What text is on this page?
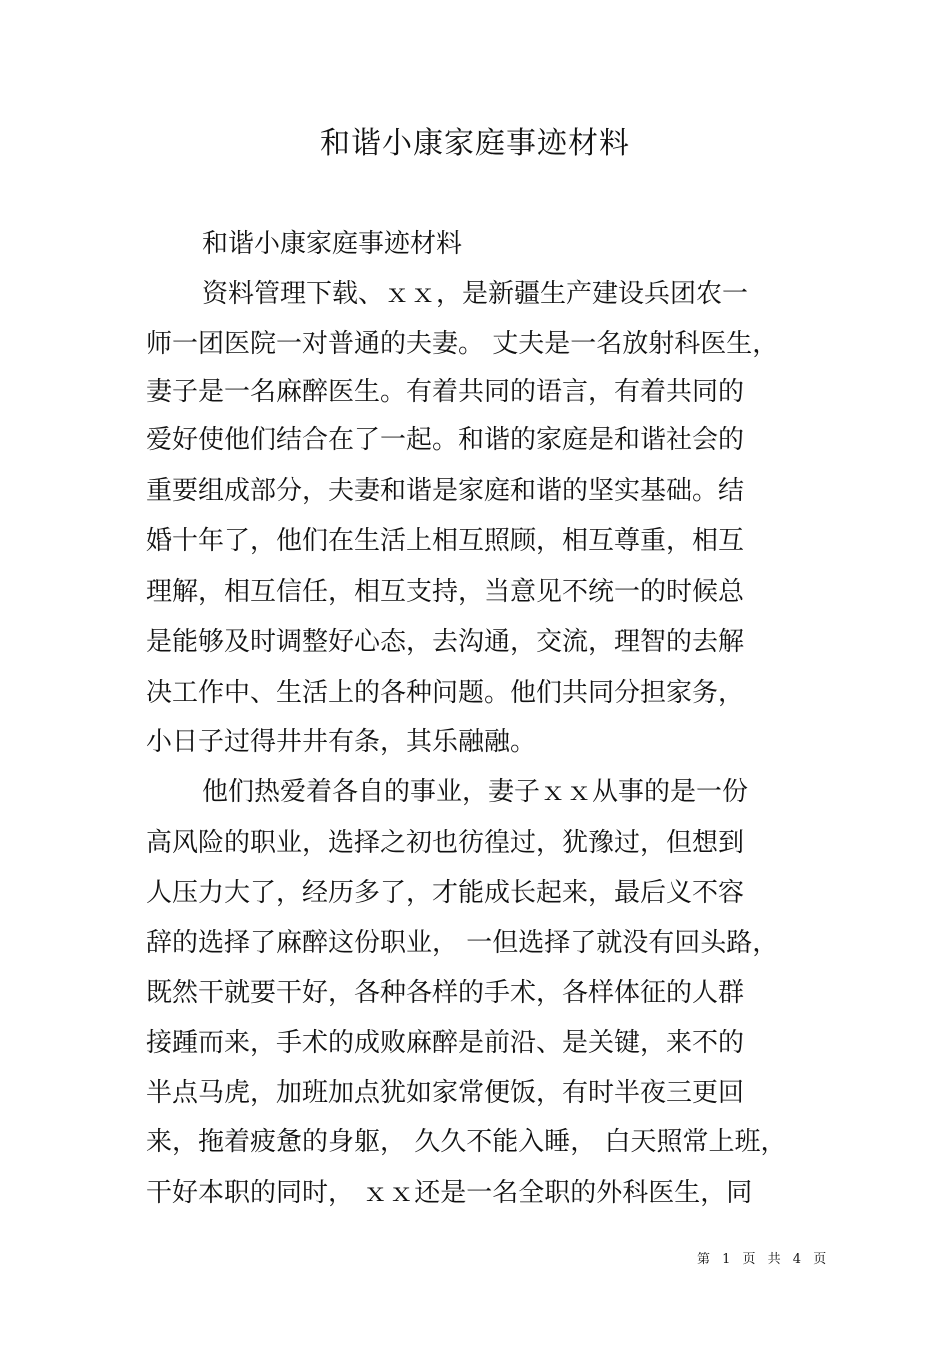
和谐小康家庭事迹材料

和谐小康家庭事迹材料

资料管理下载、ｘｘ，是新疆生产建设兵团农一

师一团医院一对普通的夫妻。 丈夫是一名放射科医生，

妻子是一名麻醉医生。有着共同的语言，有着共同的

爱好使他们结合在了一起。和谐的家庭是和谐社会的

重要组成部分，夫妻和谐是家庭和谐的坚实基础。结

婚十年了，他们在生活上相互照顾，相互尊重，相互

理解，相互信任，相互支持，当意见不统一的时候总

是能够及时调整好心态，去沟通，交流，理智的去解

决工作中、生活上的各种问题。他们共同分担家务，

小日子过得井井有条，其乐融融。

他们热爱着各自的事业，妻子ｘｘ从事的是一份

高风险的职业，选择之初也彷徨过，犹豫过，但想到

人压力大了，经历多了，才能成长起来，最后义不容

辞的选择了麻醉这份职业， 一但选择了就没有回头路，

既然干就要干好，各种各样的手术，各样体征的人群

接踵而来，手术的成败麻醉是前沿、是关键，来不的

半点马虎，加班加点犹如家常便饭，有时半夜三更回

来，拖着疲惫的身躯， 久久不能入睡， 白天照常上班，

干好本职的同时， ｘｘ还是一名全职的外科医生，同

第 1 页 共 4 页
